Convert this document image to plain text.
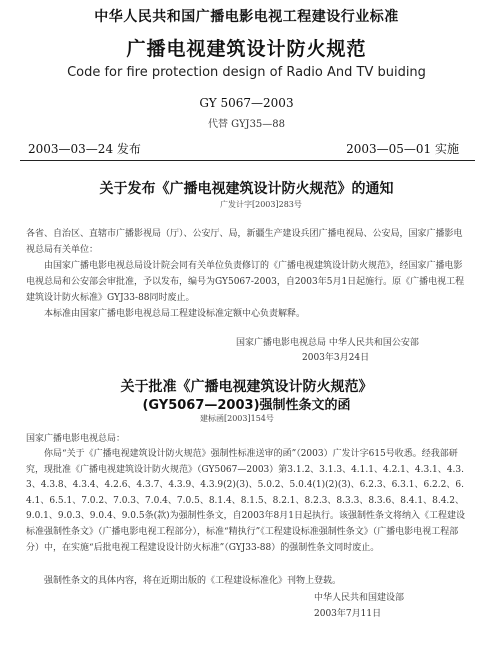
中华人民共和国广播电影电视工程建设行业标准
广播电视建筑设计防火规范
Code for fire protection design of Radio And TV buiding
GY 5067—2003
代替 GYJ35—88
2003—03—24 发布	2003—05—01 实施
关于发布《广播电视建筑设计防火规范》的通知
广发计字[2003]283号
各省、自治区、直辖市广播影视局（厅）、公安厅、局，新疆生产建设兵团广播电视局、公安局，国家广播影电视总局有关单位：
由国家广播电影电视总局设计院会同有关单位负责修订的《广播电视建筑设计防火规范》，经国家广播电影电视总局和公安部会审批准，予以发布，编号为GY5067-2003，自2003年5月1日起施行。原《广播电视工程建筑设计防火标准》GYJ33-88同时废止。
本标准由国家广播电影电视总局工程建设标准定额中心负责解释。
国家广播电影电视总局 中华人民共和国公安部
2003年3月24日
关于批准《广播电视建筑设计防火规范》
(GY5067—2003)强制性条文的函
建标函[2003]154号
国家广播电影电视总局：
你局“关于《广播电视建筑设计防火规范》强制性标准送审的函”（2003）广发计字615号收悉。经我部研究，现批准《广播电视建筑设计防火规范》（GY5067—2003）第3.1.2、3.1.3、4.1.1、4.2.1、4.3.1、4.3.3、4.3.8、4.3.4、4.2.6、4.3.7、4.3.9、4.3.9(2)(3)、5.0.2、5.0.4(1)(2)(3)、6.2.3、6.3.1、6.2.2、6.4.1、6.5.1、7.0.2、7.0.3、7.0.4、7.0.5、8.1.4、8.1.5、8.2.1、8.2.3、8.3.3、8.3.6、8.4.1、8.4.2、9.0.1、9.0.3、9.0.4、9.0.5条(款)为强制性条文，自2003年8月1日起执行。该强制性条文将纳入《工程建设标准强制性条文》（广播电影电视工程部分），标准“精执行”《工程建设标准强制性条文》（广播电影电视工程部分）中，在实施“后批电视工程建设设计防火标准”（GYJ33-88）的强制性条文同时废止。
强制性条文的具体内容，将在近期出版的《工程建设标准化》刊物上登载。
中华人民共和国建设部
2003年7月11日
